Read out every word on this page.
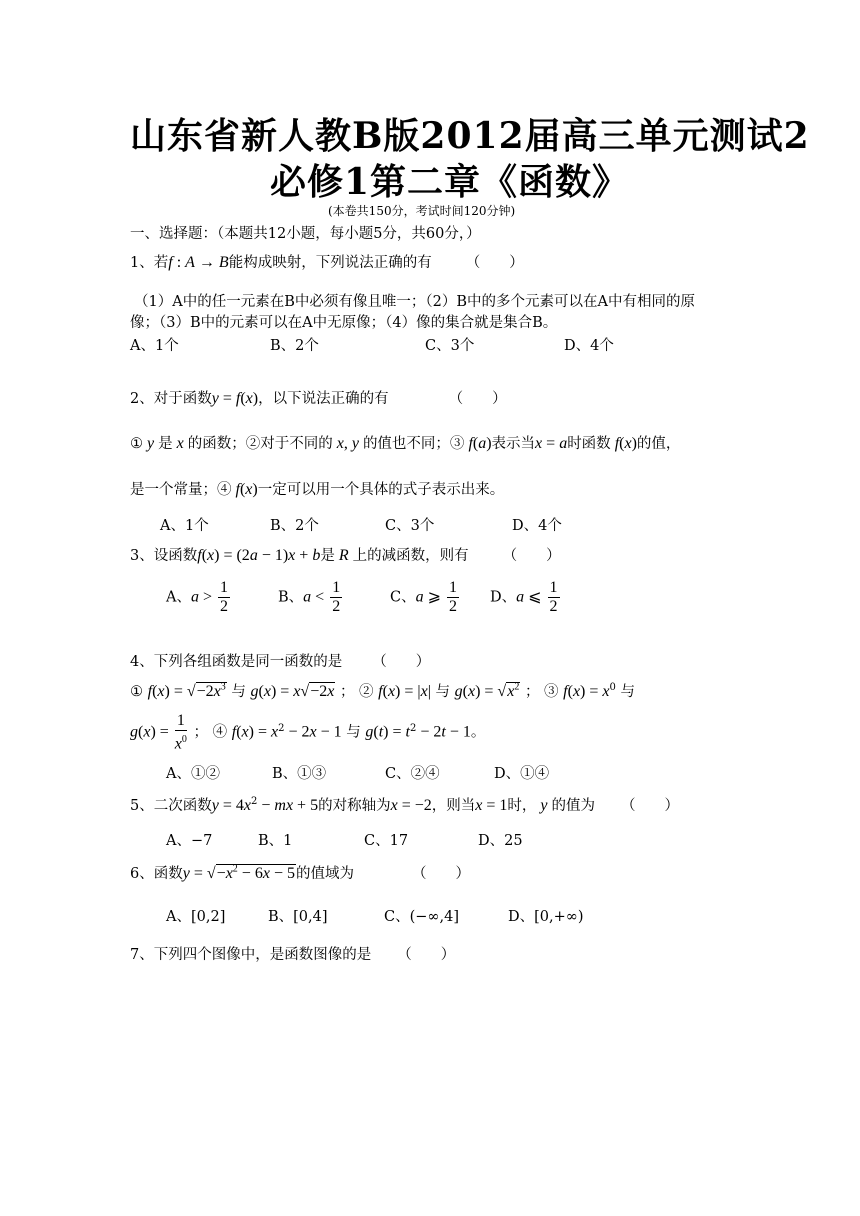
山东省新人教B版2012届高三单元测试2
必修1第二章《函数》
(本卷共150分，考试时间120分钟)
一、选择题：（本题共12小题，每小题5分，共60分，）
1、若f : A → B能构成映射，下列说法正确的有 （　　）
（1）A中的任一元素在B中必须有像且唯一；（2）B中的多个元素可以在A中有相同的原
像；（3）B中的元素可以在A中无原像；（4）像的集合就是集合B。
A、1个	B、2个	C、3个	D、4个
2、对于函数y = f(x)，以下说法正确的有	（　　）
① y 是 x 的函数；②对于不同的 x, y 的值也不同；③ f(a)表示当x = a时函数 f(x)的值，
是一个常量；④ f(x)一定可以用一个具体的式子表示出来。
A、1个	B、2个	C、3个	D、4个
3、设函数f(x) = (2a − 1)x + b是 R 上的减函数，则有 （　　）
A、$a > \frac{1}{2}$	B、$a < \frac{1}{2}$	C、a ⩾ $\frac{1}{2}$ D、a ⩽ $\frac{1}{2}$
4、下列各组函数是同一函数的是 （　　）
① $f(x) = √-2x^3$ 与 g(x) = x√−2x ； ② f(x) = |x| 与 $g(x) = √x^2$ ； ③ $f(x) = x^0$ 与
$g(x) = \frac{1}{x^0}$ ； ④ $f(x) = x^2 - 2x - 1$ 与 $g(t) = t^2 - 2t - 1$。
A、①②	B、①③	C、②④	D、①④
5、二次函数$y = 4x^2$ − mx + 5的对称轴为x = −2，则当x = 1时， y 的值为 （　　）
A、−7	B、1	C、17	D、25
6、函数$y = √-x^2 - 6x - 5$的值域为	（　　）
A、[0,2]	B、[0,4]	C、(−∞,4]	D、[0,+∞)
7、下列四个图像中，是函数图像的是 （　　）
